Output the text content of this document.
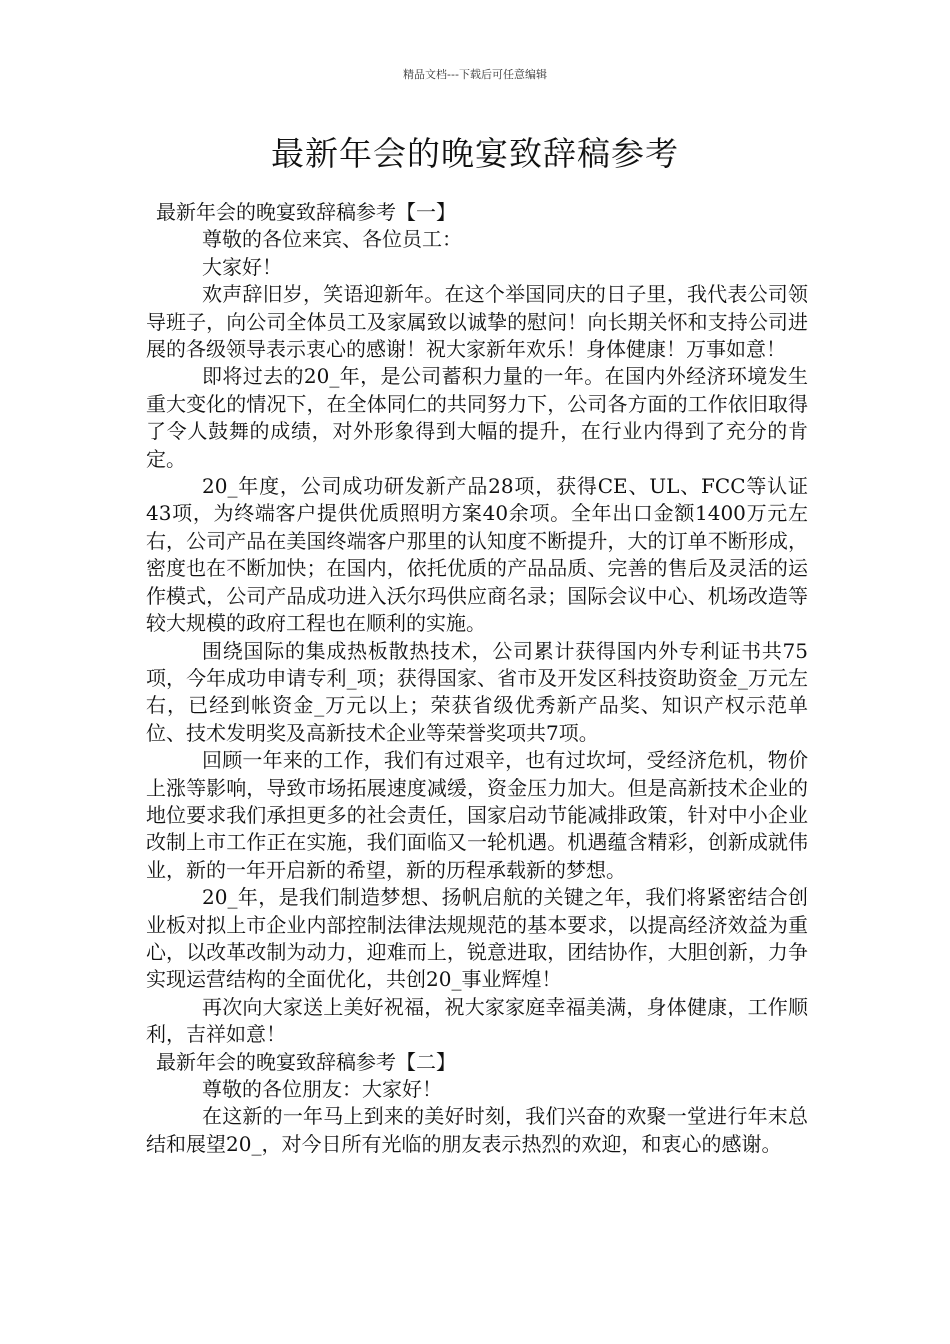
精品文档---下载后可任意编辑
最新年会的晚宴致辞稿参考

最新年会的晚宴致辞稿参考【一】

尊敬的各位来宾、各位员工：

大家好！

欢声辞旧岁，笑语迎新年。在这个举国同庆的日子里，我代表公司领导班子，向公司全体员工及家属致以诚挚的慰问！向长期关怀和支持公司进展的各级领导表示衷心的感谢！祝大家新年欢乐！身体健康！万事如意！

即将过去的20_年，是公司蓄积力量的一年。在国内外经济环境发生重大变化的情况下，在全体同仁的共同努力下，公司各方面的工作依旧取得了令人鼓舞的成绩，对外形象得到大幅的提升，在行业内得到了充分的肯定。

20_年度，公司成功研发新产品28项，获得CE、UL、FCC等认证43项，为终端客户提供优质照明方案40余项。全年出口金额1400万元左右，公司产品在美国终端客户那里的认知度不断提升，大的订单不断形成，密度也在不断加快；在国内，依托优质的产品品质、完善的售后及灵活的运作模式，公司产品成功进入沃尔玛供应商名录；国际会议中心、机场改造等较大规模的政府工程也在顺利的实施。

围绕国际的集成热板散热技术，公司累计获得国内外专利证书共75项，今年成功申请专利_项；获得国家、省市及开发区科技资助资金_万元左右，已经到帐资金_万元以上；荣获省级优秀新产品奖、知识产权示范单位、技术发明奖及高新技术企业等荣誉奖项共7项。

回顾一年来的工作，我们有过艰辛，也有过坎坷，受经济危机，物价上涨等影响，导致市场拓展速度减缓，资金压力加大。但是高新技术企业的地位要求我们承担更多的社会责任，国家启动节能减排政策，针对中小企业改制上市工作正在实施，我们面临又一轮机遇。机遇蕴含精彩，创新成就伟业，新的一年开启新的希望，新的历程承载新的梦想。

20_年，是我们制造梦想、扬帆启航的关键之年，我们将紧密结合创业板对拟上市企业内部控制法律法规规范的基本要求，以提高经济效益为重心，以改革改制为动力，迎难而上，锐意进取，团结协作，大胆创新，力争实现运营结构的全面优化，共创20_事业辉煌！

再次向大家送上美好祝福，祝大家家庭幸福美满，身体健康，工作顺利，吉祥如意！

最新年会的晚宴致辞稿参考【二】

尊敬的各位朋友：大家好！

在这新的一年马上到来的美好时刻，我们兴奋的欢聚一堂进行年末总结和展望20_，对今日所有光临的朋友表示热烈的欢迎，和衷心的感谢。
